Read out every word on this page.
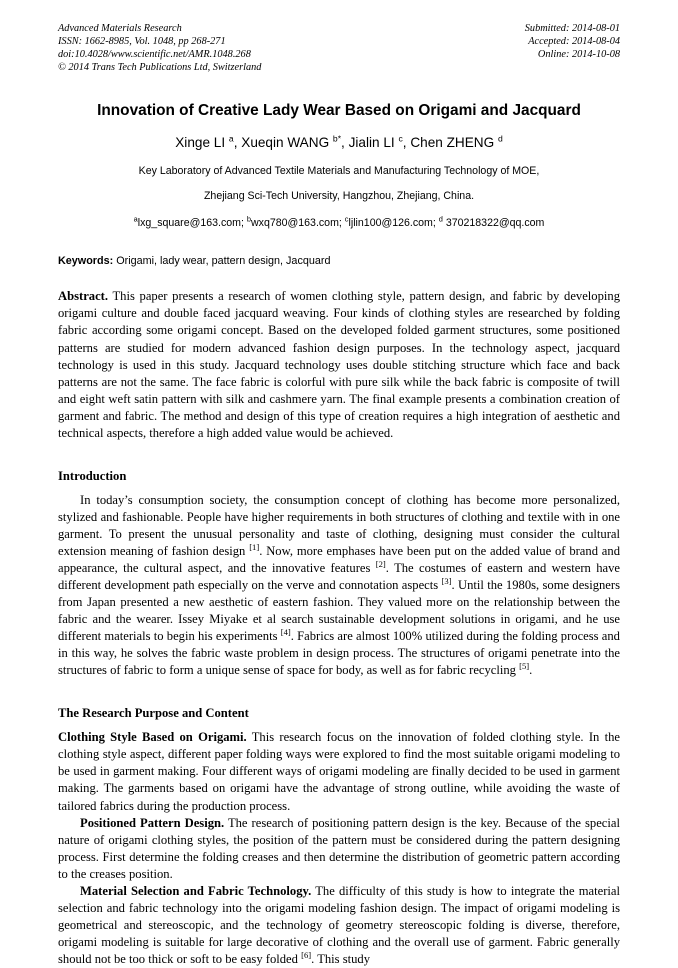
Advanced Materials Research
ISSN: 1662-8985, Vol. 1048, pp 268-271
doi:10.4028/www.scientific.net/AMR.1048.268
© 2014 Trans Tech Publications Ltd, Switzerland
Submitted: 2014-08-01
Accepted: 2014-08-04
Online: 2014-10-08
Innovation of Creative Lady Wear Based on Origami and Jacquard
Xinge LI $^a$, Xueqin WANG $^{b*}$, Jialin LI $^c$, Chen ZHENG $^d$
Key Laboratory of Advanced Textile Materials and Manufacturing Technology of MOE,
Zhejiang Sci-Tech University, Hangzhou, Zhejiang, China.
$^a$lxg_square@163.com; $^b$wxq780@163.com; $^c$ljlin100@126.com; $^d$ 370218322@qq.com
Keywords: Origami, lady wear, pattern design, Jacquard
Abstract. This paper presents a research of women clothing style, pattern design, and fabric by developing origami culture and double faced jacquard weaving. Four kinds of clothing styles are researched by folding fabric according some origami concept. Based on the developed folded garment structures, some positioned patterns are studied for modern advanced fashion design purposes. In the technology aspect, jacquard technology is used in this study. Jacquard technology uses double stitching structure which face and back patterns are not the same. The face fabric is colorful with pure silk while the back fabric is composite of twill and eight weft satin pattern with silk and cashmere yarn. The final example presents a combination creation of garment and fabric. The method and design of this type of creation requires a high integration of aesthetic and technical aspects, therefore a high added value would be achieved.
Introduction
In today’s consumption society, the consumption concept of clothing has become more personalized, stylized and fashionable. People have higher requirements in both structures of clothing and textile with in one garment. To present the unusual personality and taste of clothing, designing must consider the cultural extension meaning of fashion design [1]. Now, more emphases have been put on the added value of brand and appearance, the cultural aspect, and the innovative features [2]. The costumes of eastern and western have different development path especially on the verve and connotation aspects [3]. Until the 1980s, some designers from Japan presented a new aesthetic of eastern fashion. They valued more on the relationship between the fabric and the wearer. Issey Miyake et al search sustainable development solutions in origami, and he use different materials to begin his experiments [4]. Fabrics are almost 100% utilized during the folding process and in this way, he solves the fabric waste problem in design process. The structures of origami penetrate into the structures of fabric to form a unique sense of space for body, as well as for fabric recycling [5].
The Research Purpose and Content
Clothing Style Based on Origami. This research focus on the innovation of folded clothing style. In the clothing style aspect, different paper folding ways were explored to find the most suitable origami modeling to be used in garment making. Four different ways of origami modeling are finally decided to be used in garment making. The garments based on origami have the advantage of strong outline, while avoiding the waste of tailored fabrics during the production process.
Positioned Pattern Design. The research of positioning pattern design is the key. Because of the special nature of origami clothing styles, the position of the pattern must be considered during the pattern designing process. First determine the folding creases and then determine the distribution of geometric pattern according to the creases position.
Material Selection and Fabric Technology. The difficulty of this study is how to integrate the material selection and fabric technology into the origami modeling fashion design. The impact of origami modeling is geometrical and stereoscopic, and the technology of geometry stereoscopic folding is diverse, therefore, origami modeling is suitable for large decorative of clothing and the overall use of garment. Fabric generally should not be too thick or soft to be easy folded [6]. This study
